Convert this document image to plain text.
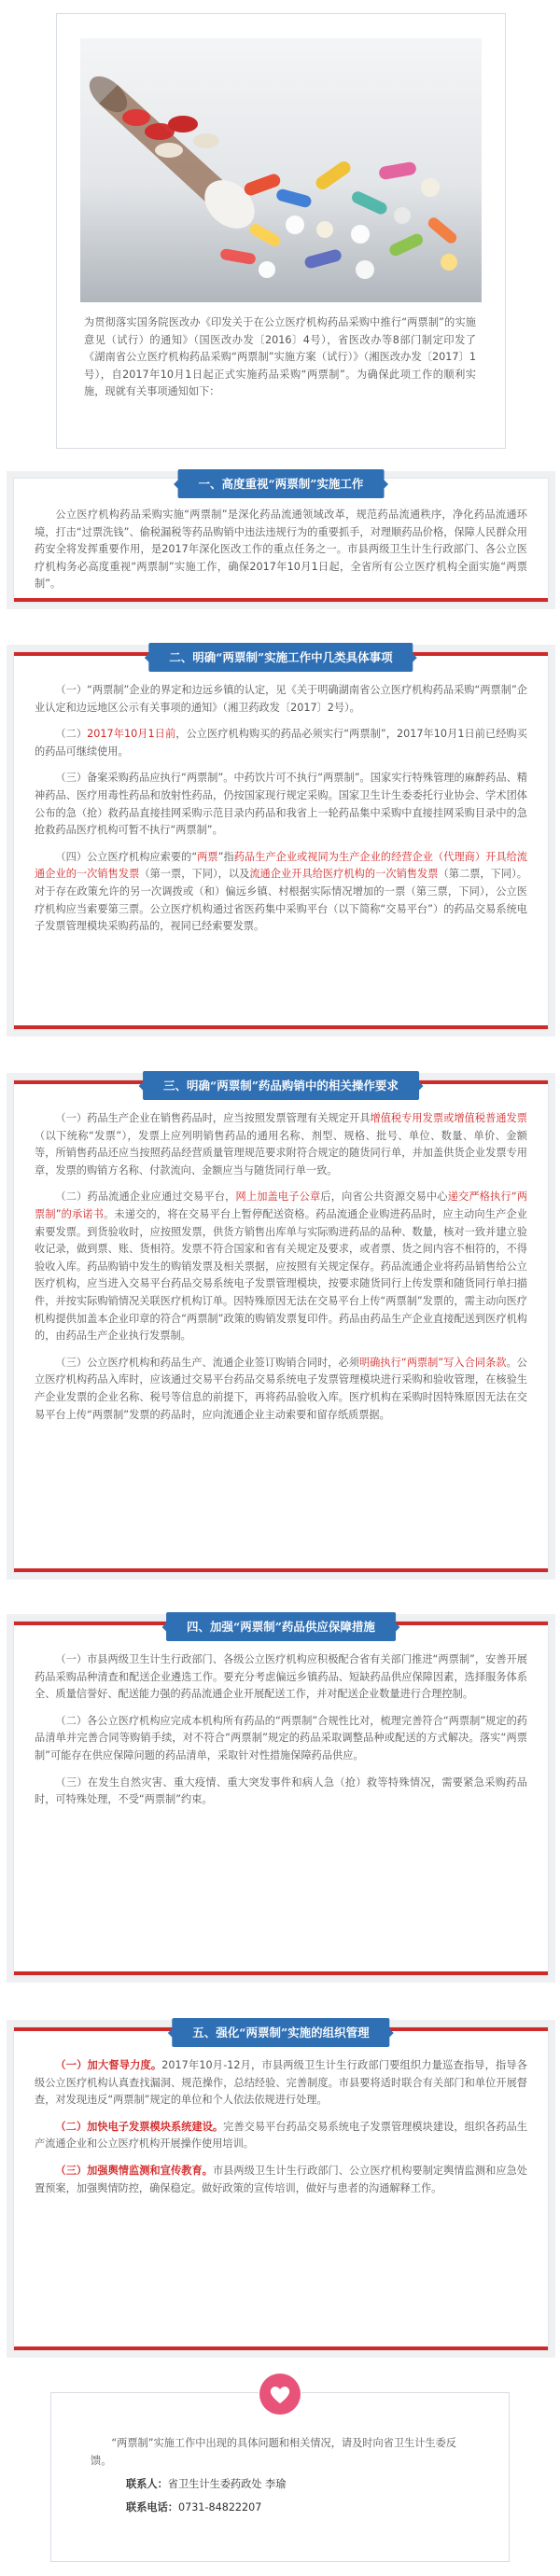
为贯彻落实国务院医改办《印发关于在公立医疗机构药品采购中推行“两票制”的实施意见（试行）的通知》（国医改办发〔2016〕4号），省医改办等8部门制定印发了《湖南省公立医疗机构药品采购“两票制”实施方案（试行）》（湘医改办发〔2017〕1号），自2017年10月1日起正式实施药品采购“两票制”。为确保此项工作的顺利实施，现就有关事项通知如下：
一、高度重视“两票制”实施工作

公立医疗机构药品采购实施“两票制”是深化药品流通领域改革，规范药品流通秩序，净化药品流通环境，打击“过票洗钱”、偷税漏税等药品购销中违法违规行为的重要抓手，对理顺药品价格，保障人民群众用药安全将发挥重要作用，是2017年深化医改工作的重点任务之一。市县两级卫生计生行政部门、各公立医疗机构务必高度重视“两票制”实施工作，确保2017年10月1日起，全省所有公立医疗机构全面实施“两票制”。

二、明确“两票制”实施工作中几类具体事项

（一）“两票制”企业的界定和边远乡镇的认定，见《关于明确湖南省公立医疗机构药品采购“两票制”企业认定和边远地区公示有关事项的通知》（湘卫药政发〔2017〕2号）。

（二）2017年10月1日前，公立医疗机构购买的药品必须实行“两票制”，2017年10月1日前已经购买的药品可继续使用。

（三）备案采购药品应执行“两票制”。中药饮片可不执行“两票制”。国家实行特殊管理的麻醉药品、精神药品、医疗用毒性药品和放射性药品，仍按国家现行规定采购。国家卫生计生委委托行业协会、学术团体公布的急（抢）救药品直接挂网采购示范目录内药品和我省上一轮药品集中采购中直接挂网采购目录中的急抢救药品医疗机构可暂不执行“两票制”。

（四）公立医疗机构应索要的“两票”指药品生产企业或视同为生产企业的经营企业（代理商）开具给流通企业的一次销售发票（第一票，下同），以及流通企业开具给医疗机构的一次销售发票（第二票，下同）。对于存在政策允许的另一次调拨或（和）偏远乡镇、村根据实际情况增加的一票（第三票，下同），公立医疗机构应当索要第三票。公立医疗机构通过省医药集中采购平台（以下简称“交易平台”）的药品交易系统电子发票管理模块采购药品的，视同已经索要发票。

三、明确“两票制”药品购销中的相关操作要求

（一）药品生产企业在销售药品时，应当按照发票管理有关规定开具增值税专用发票或增值税普通发票（以下统称“发票”），发票上应列明销售药品的通用名称、剂型、规格、批号、单位、数量、单价、金额等，所销售药品还应当按照药品经营质量管理规范要求附符合规定的随货同行单，并加盖供货企业发票专用章，发票的购销方名称、付款流向、金额应当与随货同行单一致。

（二）药品流通企业应通过交易平台，网上加盖电子公章后，向省公共资源交易中心递交严格执行“两票制”的承诺书。未递交的，将在交易平台上暂停配送资格。药品流通企业购进药品时，应主动向生产企业索要发票。到货验收时，应按照发票，供货方销售出库单与实际购进药品的品种、数量，核对一致并建立验收记录，做到票、账、货相符。发票不符合国家和省有关规定及要求，或者票、货之间内容不相符的，不得验收入库。药品购销中发生的购销发票及相关票据，应按照有关规定保存。药品流通企业将药品销售给公立医疗机构，应当进入交易平台药品交易系统电子发票管理模块，按要求随货同行上传发票和随货同行单扫描件，并按实际购销情况关联医疗机构订单。因特殊原因无法在交易平台上传“两票制”发票的，需主动向医疗机构提供加盖本企业印章的符合“两票制”政策的购销发票复印件。药品由药品生产企业直接配送到医疗机构的，由药品生产企业执行发票制。

（三）公立医疗机构和药品生产、流通企业签订购销合同时，必须明确执行“两票制”写入合同条款。公立医疗机构药品入库时，应该通过交易平台药品交易系统电子发票管理模块进行采购和验收管理，在核验生产企业发票的企业名称、税号等信息的前提下，再将药品验收入库。医疗机构在采购时因特殊原因无法在交易平台上传“两票制”发票的药品时，应向流通企业主动索要和留存纸质票据。

四、加强“两票制”药品供应保障措施

（一）市县两级卫生计生行政部门、各级公立医疗机构应积极配合省有关部门推进“两票制”，安善开展药品采购品种清查和配送企业遴选工作。要充分考虑偏远乡镇药品、短缺药品供应保障因素，选择服务体系全、质量信誉好、配送能力强的药品流通企业开展配送工作，并对配送企业数量进行合理控制。

（二）各公立医疗机构应完成本机构所有药品的“两票制”合规性比对，梳理完善符合“两票制”规定的药品清单并完善合同等购销手续，对不符合“两票制”规定的药品采取调整品种或配送的方式解决。落实“两票制”可能存在供应保障问题的药品清单，采取针对性措施保障药品供应。

（三）在发生自然灾害、重大疫情、重大突发事件和病人急（抢）救等特殊情况，需要紧急采购药品时，可特殊处理，不受“两票制”约束。

五、强化“两票制”实施的组织管理

（一）加大督导力度。2017年10月-12月，市县两级卫生计生行政部门要组织力量巡查指导，指导各级公立医疗机构认真查找漏洞、规范操作，总结经验、完善制度。市县要将适时联合有关部门和单位开展督查，对发现违反“两票制”规定的单位和个人依法依规进行处理。

（二）加快电子发票模块系统建设。完善交易平台药品交易系统电子发票管理模块建设，组织各药品生产流通企业和公立医疗机构开展操作使用培训。

（三）加强舆情监测和宣传教育。市县两级卫生计生行政部门、公立医疗机构要制定舆情监测和应急处置预案，加强舆情防控，确保稳定。做好政策的宣传培训，做好与患者的沟通解释工作。

“两票制”实施工作中出现的具体问题和相关情况，请及时向省卫生计生委反馈。

联系人：省卫生计生委药政处 李瑜
联系电话：0731-84822207
